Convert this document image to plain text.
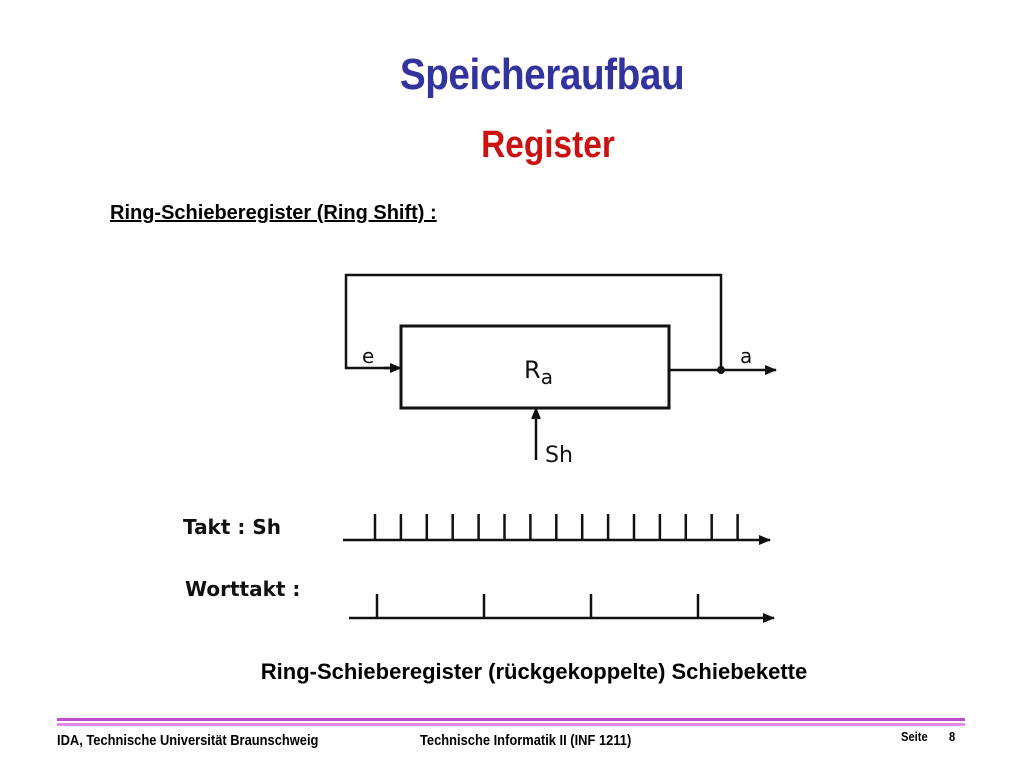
Speicheraufbau
Register
Ring-Schieberegister (Ring Shift) :
e	a
$R_a$
Sh
Takt : Sh
Worttakt :
Ring-Schieberegister (rückgekoppelte) Schiebekette
IDA, Technische Universität Braunschweig	Technische Informatik II (INF 1211)	Seite 8
